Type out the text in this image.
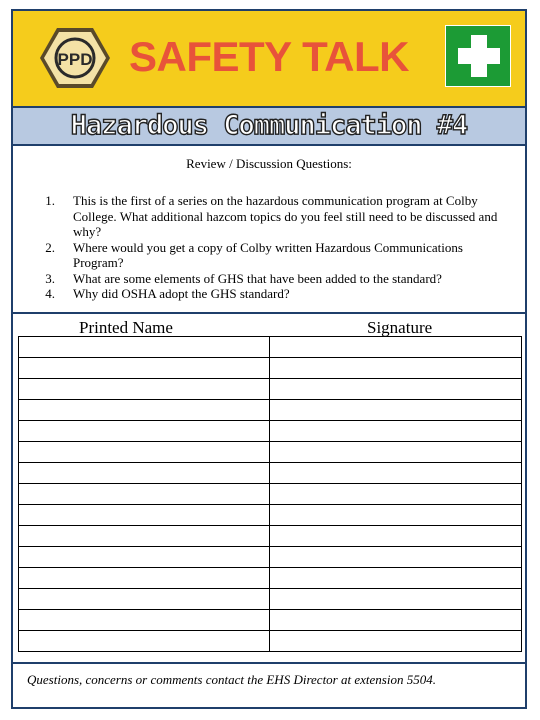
PPD SAFETY TALK
Hazardous Communication #4
Review / Discussion Questions:
1. This is the first of a series on the hazardous communication program at Colby College. What additional hazcom topics do you feel still need to be discussed and why?
2. Where would you get a copy of Colby written Hazardous Communications Program?
3. What are some elements of GHS that have been added to the standard?
4. Why did OSHA adopt the GHS standard?
Printed Name	Signature

Questions, concerns or comments contact the EHS Director at extension 5504.
